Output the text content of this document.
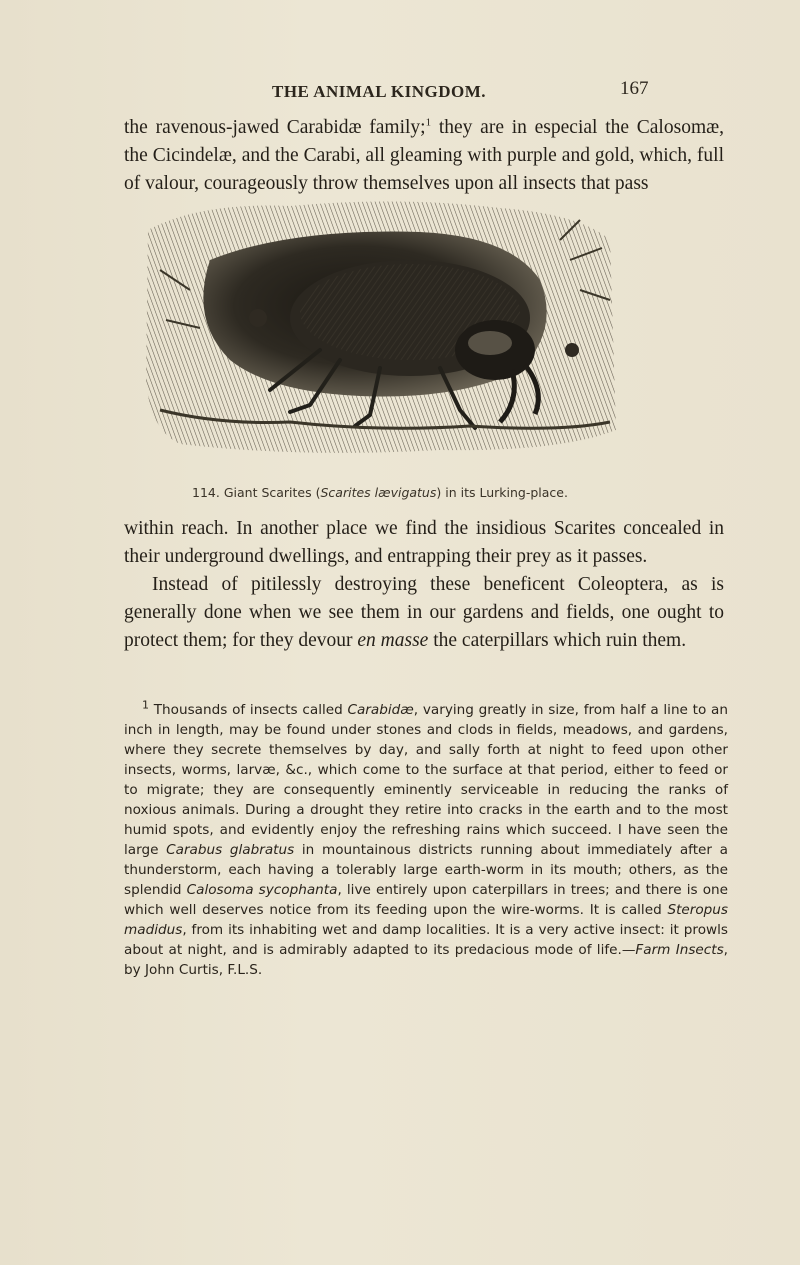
THE ANIMAL KINGDOM.	167

the ravenous-jawed Carabidæ family;$^1$ they are in especial the Calosomæ, the Cicindelæ, and the Carabi, all gleaming with purple and gold, which, full of valour, courageously throw themselves upon all insects that pass

114. Giant Scarites (Scarites lævigatus) in its Lurking-place.

within reach. In another place we find the insidious Scarites concealed in their underground dwellings, and entrapping their prey as it passes.

Instead of pitilessly destroying these beneficent Coleoptera, as is generally done when we see them in our gardens and fields, one ought to protect them; for they devour en masse the caterpillars which ruin them.

$^1$ Thousands of insects called Carabidæ, varying greatly in size, from half a line to an inch in length, may be found under stones and clods in fields, meadows, and gardens, where they secrete themselves by day, and sally forth at night to feed upon other insects, worms, larvæ, &c., which come to the surface at that period, either to feed or to migrate; they are consequently eminently serviceable in reducing the ranks of noxious animals. During a drought they retire into cracks in the earth and to the most humid spots, and evidently enjoy the refreshing rains which succeed. I have seen the large Carabus glabratus in mountainous districts running about immediately after a thunderstorm, each having a tolerably large earth-worm in its mouth; others, as the splendid Calosoma sycophanta, live entirely upon caterpillars in trees; and there is one which well deserves notice from its feeding upon the wire-worms. It is called Steropus madidus, from its inhabiting wet and damp localities. It is a very active insect: it prowls about at night, and is admirably adapted to its predacious mode of life.—Farm Insects, by John Curtis, F.L.S.
